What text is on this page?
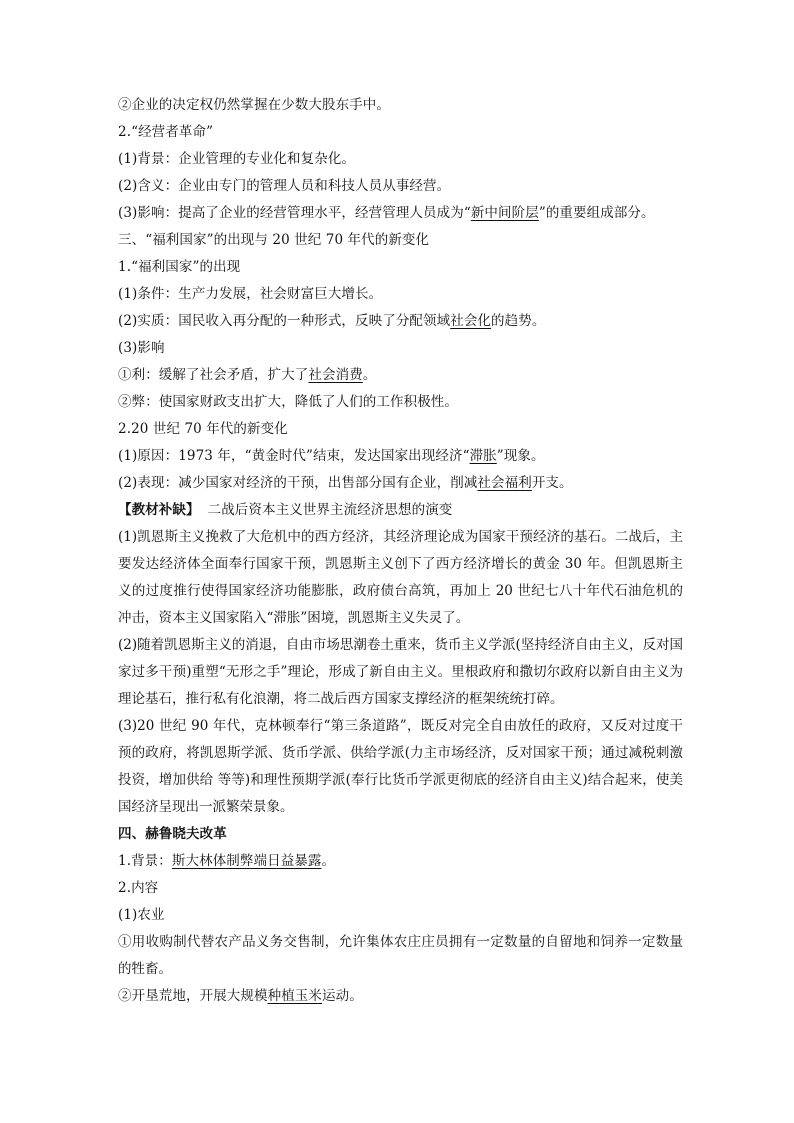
②企业的决定权仍然掌握在少数大股东手中。
2.“经营者革命”
(1)背景：企业管理的专业化和复杂化。
(2)含义：企业由专门的管理人员和科技人员从事经营。
(3)影响：提高了企业的经营管理水平，经营管理人员成为“新中间阶层”的重要组成部分。
三、“福利国家”的出现与 20 世纪 70 年代的新变化
1.“福利国家”的出现
(1)条件：生产力发展，社会财富巨大增长。
(2)实质：国民收入再分配的一种形式，反映了分配领域社会化的趋势。
(3)影响
①利：缓解了社会矛盾，扩大了社会消费。
②弊：使国家财政支出扩大，降低了人们的工作积极性。
2.20 世纪 70 年代的新变化
(1)原因：1973 年，“黄金时代”结束，发达国家出现经济“滞胀”现象。
(2)表现：减少国家对经济的干预，出售部分国有企业，削减社会福利开支。
【教材补缺】 二战后资本主义世界主流经济思想的演变
(1)凯恩斯主义挽救了大危机中的西方经济，其经济理论成为国家干预经济的基石。二战后，主要发达经济体全面奉行国家干预，凯恩斯主义创下了西方经济增长的黄金 30 年。但凯恩斯主义的过度推行使得国家经济功能膨胀，政府债台高筑，再加上 20 世纪七八十年代石油危机的冲击，资本主义国家陷入“滞胀”困境，凯恩斯主义失灵了。
(2)随着凯恩斯主义的消退，自由市场思潮卷土重来，货币主义学派(坚持经济自由主义，反对国家过多干预)重塑“无形之手”理论，形成了新自由主义。里根政府和撒切尔政府以新自由主义为理论基石，推行私有化浪潮，将二战后西方国家支撑经济的框架统统打碎。
(3)20 世纪 90 年代，克林顿奉行“第三条道路”，既反对完全自由放任的政府，又反对过度干预的政府，将凯恩斯学派、货币学派、供给学派(力主市场经济，反对国家干预；通过减税刺激投资，增加供给 等等)和理性预期学派(奉行比货币学派更彻底的经济自由主义)结合起来，使美国经济呈现出一派繁荣景象。
四、赫鲁晓夫改革
1.背景：斯大林体制弊端日益暴露。
2.内容
(1)农业
①用收购制代替农产品义务交售制，允许集体农庄庄员拥有一定数量的自留地和饲养一定数量的牲畜。
②开垦荒地，开展大规模种植玉米运动。
